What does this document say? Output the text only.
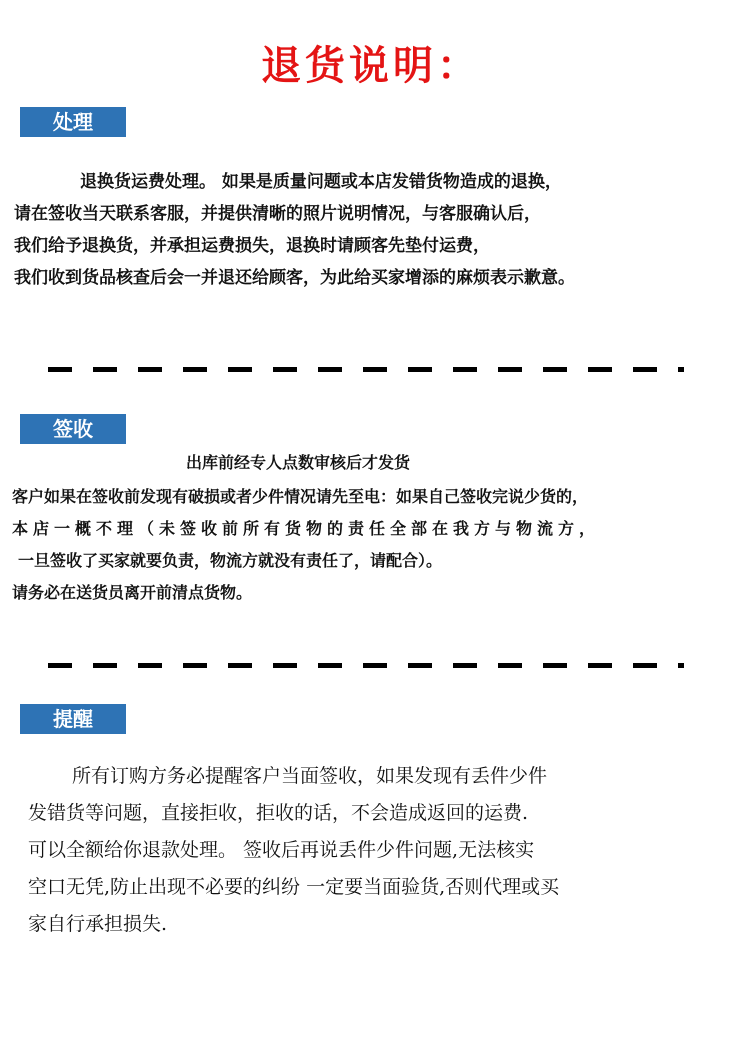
退货说明：
处理

退换货运费处理。 如果是质量问题或本店发错货物造成的退换，

请在签收当天联系客服，并提供清晰的照片说明情况，与客服确认后，

我们给予退换货，并承担运费损失，退换时请顾客先垫付运费，

我们收到货品核查后会一并退还给顾客，为此给买家增添的麻烦表示歉意。

签收

出库前经专人点数审核后才发货

客户如果在签收前发现有破损或者少件情况请先至电：如果自己签收完说少货的，

本店一概不理（未签收前所有货物的责任全部在我方与物流方，

一旦签收了买家就要负责，物流方就没有责任了，请配合）。

请务必在送货员离开前清点货物。

提醒

所有订购方务必提醒客户当面签收，如果发现有丢件少件

发错货等问题，直接拒收，拒收的话，不会造成返回的运费.

可以全额给你退款处理。 签收后再说丢件少件问题,无法核实

空口无凭,防止出现不必要的纠纷 一定要当面验货,否则代理或买

家自行承担损失.
